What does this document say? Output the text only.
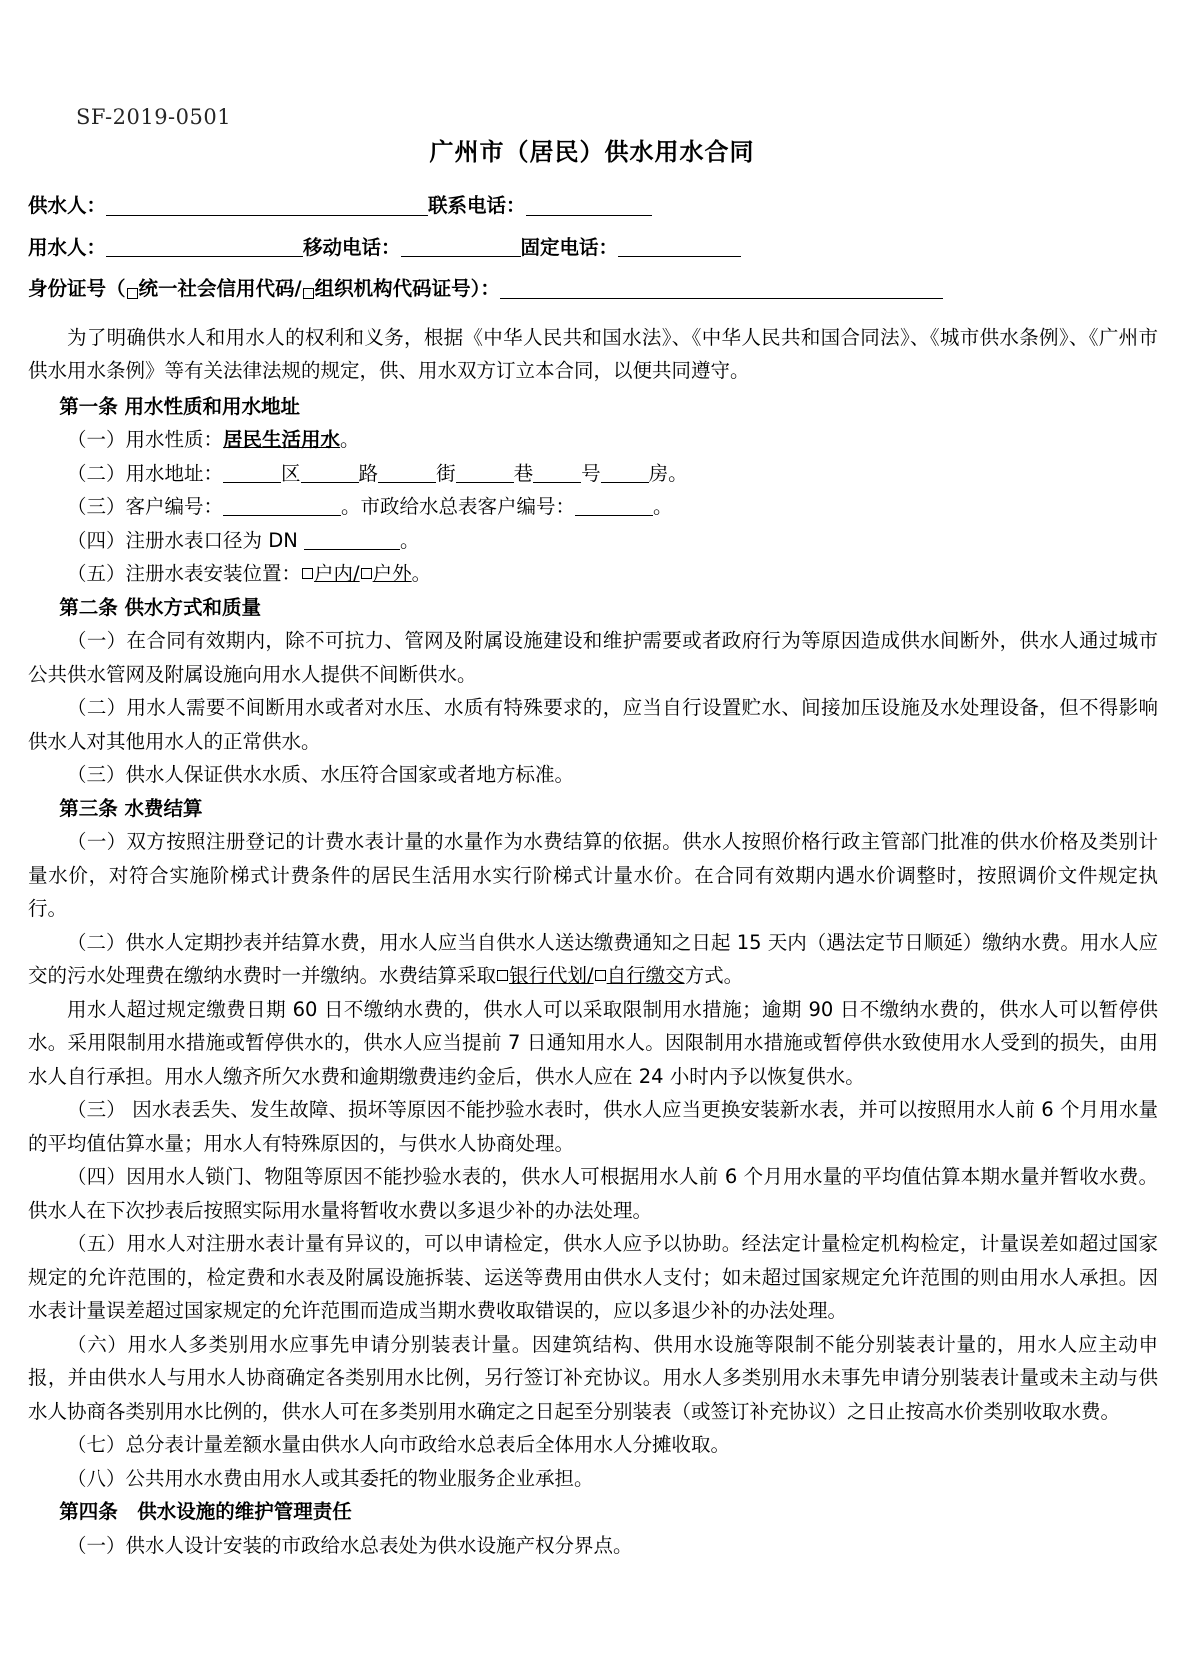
SF-2019-0501
广州市（居民）供水用水合同
供水人：	联系电话：
用水人：	移动电话：	固定电话：
身份证号（ 统一社会信用代码 / 组织机构代码证号 ）：

为了明确供水人和用水人的权利和义务，根据《中华人民共和国水法》、《中华人民共和国合同法》、《城市供水条例》、《广州市供水用水条例》等有关法律法规的规定，供、用水双方订立本合同，以便共同遵守。

第一条 用水性质和用水地址

（一）用水性质：居民生活用水。

（二）用水地址：	区	路	街	巷 号 房。

（三）客户编号：	。市政给水总表客户编号：	。

（四）注册水表口径为 DN	。

（五）注册水表安装位置： 户内/ 户外。

第二条 供水方式和质量

（一）在合同有效期内，除不可抗力、管网及附属设施建设和维护需要或者政府行为等原因造成供水间断外，供水人通过城市公共供水管网及附属设施向用水人提供不间断供水。

（二）用水人需要不间断用水或者对水压、水质有特殊要求的，应当自行设置贮水、间接加压设施及水处理设备，但不得影响供水人对其他用水人的正常供水。

（三）供水人保证供水水质、水压符合国家或者地方标准。

第三条 水费结算

（一）双方按照注册登记的计费水表计量的水量作为水费结算的依据。供水人按照价格行政主管部门批准的供水价格及类别计量水价，对符合实施阶梯式计费条件的居民生活用水实行阶梯式计量水价。在合同有效期内遇水价调整时，按照调价文件规定执行。

（二）供水人定期抄表并结算水费，用水人应当自供水人送达缴费通知之日起 15 天内（遇法定节日顺延）缴纳水费。用水人应交的污水处理费在缴纳水费时一并缴纳。水费结算采取 银行代划/ 自行缴交方式。

用水人超过规定缴费日期 60 日不缴纳水费的，供水人可以采取限制用水措施；逾期 90 日不缴纳水费的，供水人可以暂停供水。采用限制用水措施或暂停供水的，供水人应当提前 7 日通知用水人。因限制用水措施或暂停供水致使用水人受到的损失，由用水人自行承担。用水人缴齐所欠水费和逾期缴费违约金后，供水人应在 24 小时内予以恢复供水。

（三） 因水表丢失、发生故障、损坏等原因不能抄验水表时，供水人应当更换安装新水表，并可以按照用水人前 6 个月用水量的平均值估算水量；用水人有特殊原因的，与供水人协商处理。

（四）因用水人锁门、物阻等原因不能抄验水表的，供水人可根据用水人前 6 个月用水量的平均值估算本期水量并暂收水费。供水人在下次抄表后按照实际用水量将暂收水费以多退少补的办法处理。

（五）用水人对注册水表计量有异议的，可以申请检定，供水人应予以协助。经法定计量检定机构检定，计量误差如超过国家规定的允许范围的，检定费和水表及附属设施拆装、运送等费用由供水人支付；如未超过国家规定允许范围的则由用水人承担。因水表计量误差超过国家规定的允许范围而造成当期水费收取错误的，应以多退少补的办法处理。

（六）用水人多类别用水应事先申请分别装表计量。因建筑结构、供用水设施等限制不能分别装表计量的，用水人应主动申报，并由供水人与用水人协商确定各类别用水比例，另行签订补充协议。用水人多类别用水未事先申请分别装表计量或未主动与供水人协商各类别用水比例的，供水人可在多类别用水确定之日起至分别装表（或签订补充协议）之日止按高水价类别收取水费。

（七）总分表计量差额水量由供水人向市政给水总表后全体用水人分摊收取。

（八）公共用水水费由用水人或其委托的物业服务企业承担。

第四条　供水设施的维护管理责任

（一）供水人设计安装的市政给水总表处为供水设施产权分界点。
